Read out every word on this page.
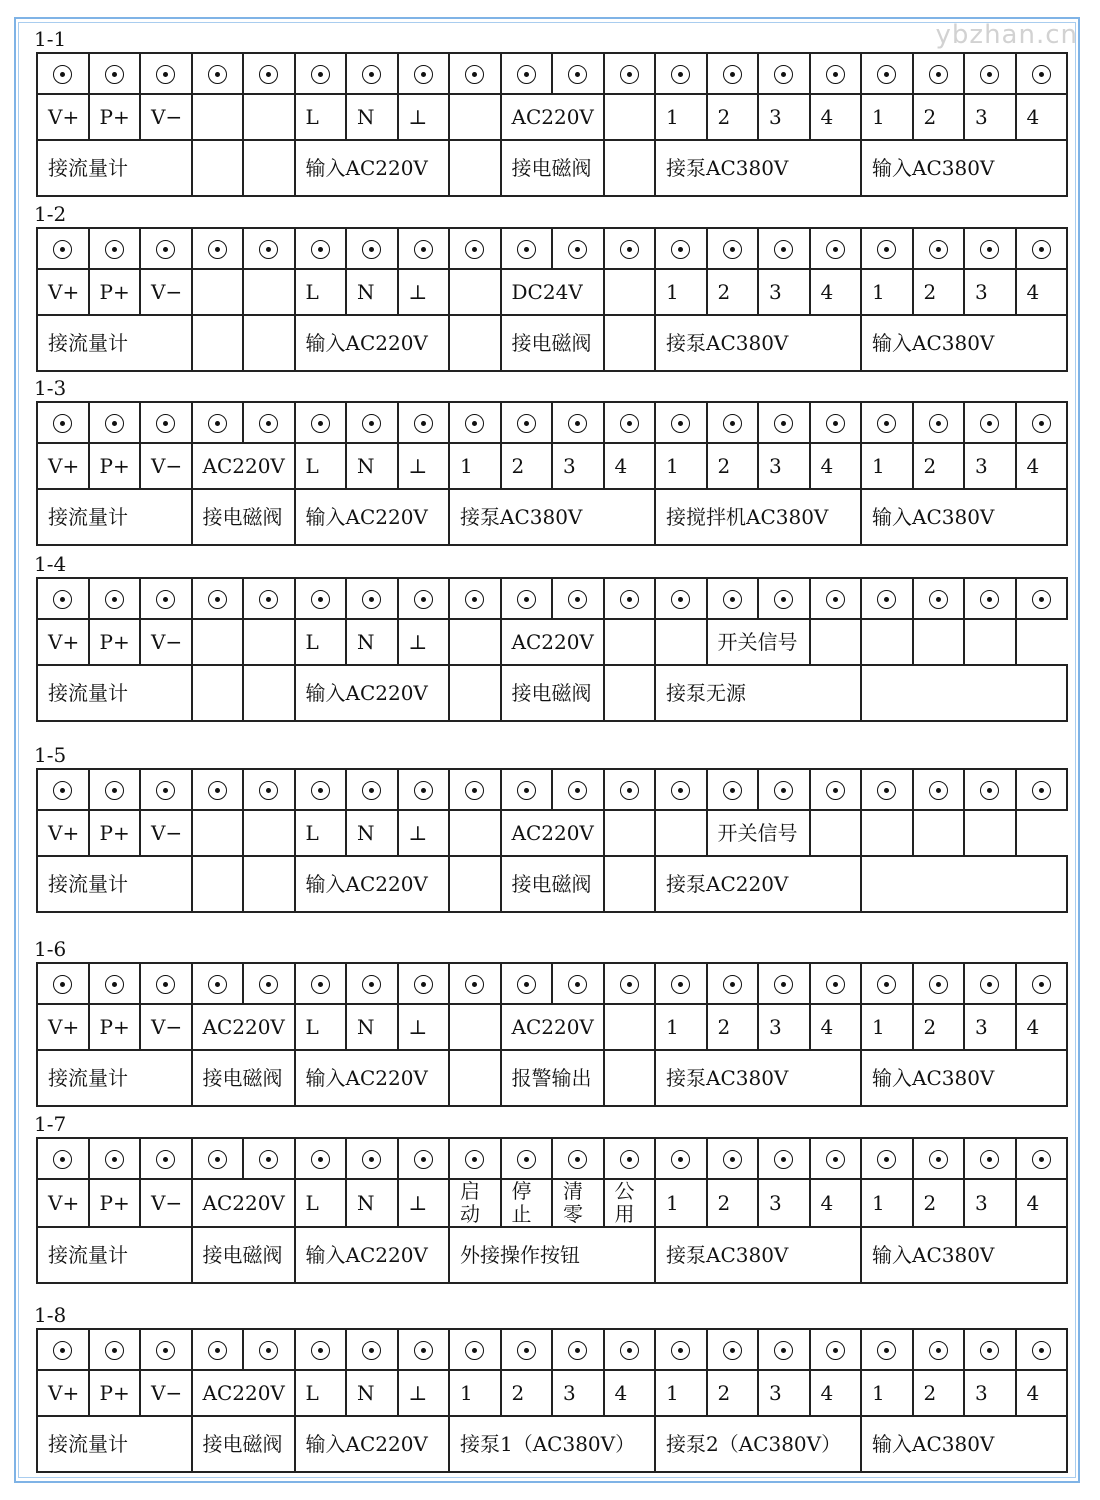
ybzhan.cn
1-1

V+	P+	V−			L	N	⊥		AC220V			1	2	3	4	1	2	3	4
接流量计					输入AC220V				接电磁阀			接泵AC380V				输入AC380V			
1-2

V+	P+	V−			L	N	⊥		DC24V			1	2	3	4	1	2	3	4
接流量计					输入AC220V				接电磁阀			接泵AC380V				输入AC380V			
1-3

V+	P+	V−	AC220V		L	N	⊥	1	2	3	4	1	2	3	4	1	2	3	4
接流量计			接电磁阀		输入AC220V			接泵AC380V				接搅拌机AC380V				输入AC380V			
1-4

V+	P+	V−			L	N	⊥		AC220V				开关信号						
接流量计					输入AC220V				接电磁阀			接泵无源							
1-5

V+	P+	V−			L	N	⊥		AC220V				开关信号						
接流量计					输入AC220V				接电磁阀			接泵AC220V							
1-6

V+	P+	V−	AC220V		L	N	⊥		AC220V			1	2	3	4	1	2	3	4
接流量计			接电磁阀		输入AC220V				报警输出			接泵AC380V				输入AC380V			
1-7

V+	P+	V−	AC220V		L	N	⊥	启动	停止	清零	公用	1	2	3	4	1	2	3	4
接流量计			接电磁阀		输入AC220V			外接操作按钮				接泵AC380V				输入AC380V			
1-8

V+	P+	V−	AC220V		L	N	⊥	1	2	3	4	1	2	3	4	1	2	3	4
接流量计			接电磁阀		输入AC220V			接泵1（AC380V）				接泵2（AC380V）				输入AC380V			
